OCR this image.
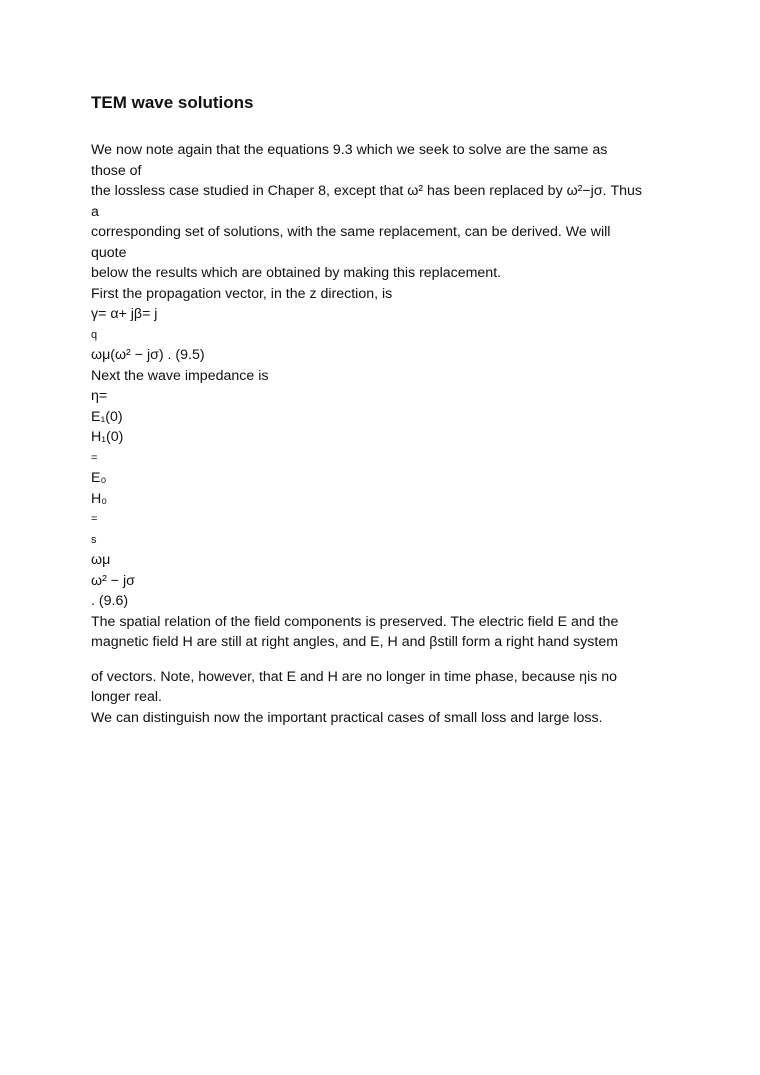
TEM wave solutions
We now note again that the equations 9.3 which we seek to solve are the same as
those of
the lossless case studied in Chaper 8, except that ω² has been replaced by ω²−jσ. Thus
a
corresponding set of solutions, with the same replacement, can be derived. We will
quote
below the results which are obtained by making this replacement.
First the propagation vector, in the z direction, is
γ= α+ jβ= j
q
ωμ(ω² − jσ) . (9.5)
Next the wave impedance is
η=
E₁(0)
H₁(0)
=
E₀
H₀
=
s
ωμ
ω² − jσ
. (9.6)
The spatial relation of the field components is preserved. The electric field E and the
magnetic field H are still at right angles, and E, H and βstill form a right hand system
of vectors. Note, however, that E and H are no longer in time phase, because ηis no
longer real.
We can distinguish now the important practical cases of small loss and large loss.
